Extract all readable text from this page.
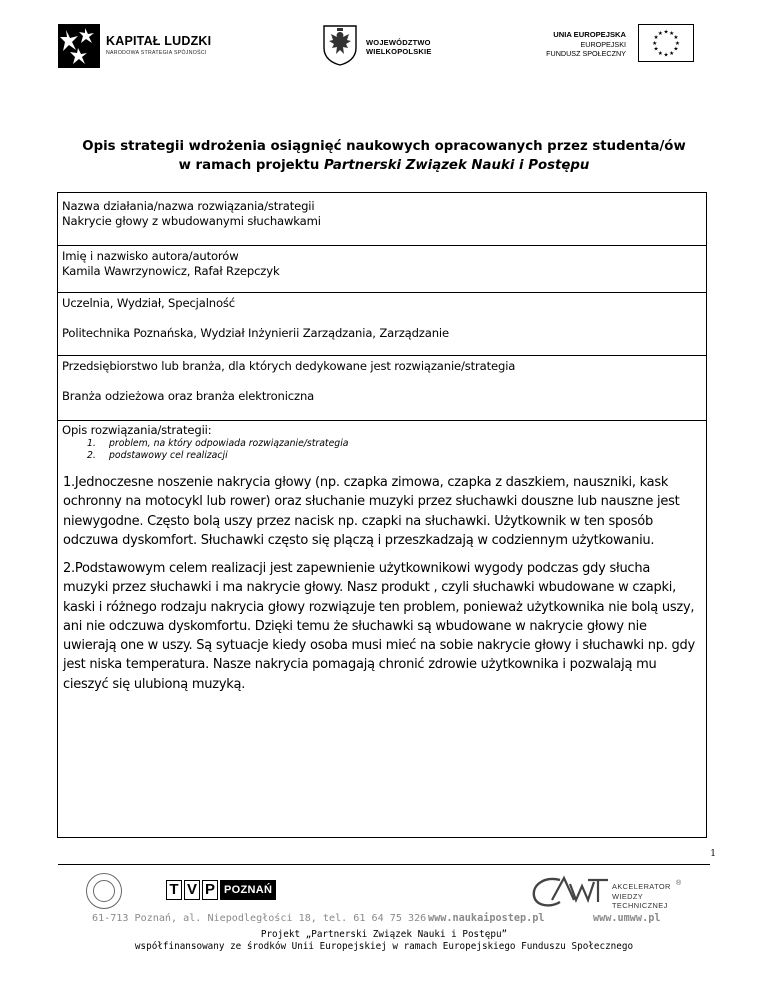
KAPITAŁ LUDZKI
NARODOWA STRATEGIA SPÓJNOŚCI
WOJEWÓDZTWO
WIELKOPOLSKIE
UNIA EUROPEJSKA
EUROPEJSKI
FUNDUSZ SPOŁECZNY
★ ★
★
★
★
★
★
★
★
★
★
★
Opis strategii wdrożenia osiągnięć naukowych opracowanych przez studenta/ów
w ramach projektu Partnerski Związek Nauki i Postępu
Nazwa działania/nazwa rozwiązania/strategii
Nakrycie głowy z wbudowanymi słuchawkami
Imię i nazwisko autora/autorów
Kamila Wawrzynowicz, Rafał Rzepczyk
Uczelnia, Wydział, Specjalność
Politechnika Poznańska, Wydział Inżynierii Zarządzania, Zarządzanie
Przedsiębiorstwo lub branża, dla których dedykowane jest rozwiązanie/strategia
Branża odzieżowa oraz branża elektroniczna
Opis rozwiązania/strategii:
1. problem, na który odpowiada rozwiązanie/strategia
2. podstawowy cel realizacji
1.Jednoczesne noszenie nakrycia głowy (np. czapka zimowa, czapka z daszkiem, nauszniki, kask
ochronny na motocykl lub rower) oraz słuchanie muzyki przez słuchawki douszne lub nauszne jest
niewygodne. Często bolą uszy przez nacisk np. czapki na słuchawki. Użytkownik w ten sposób
odczuwa dyskomfort. Słuchawki często się plączą i przeszkadzają w codziennym użytkowaniu.
2.Podstawowym celem realizacji jest zapewnienie użytkownikowi wygody podczas gdy słucha
muzyki przez słuchawki i ma nakrycie głowy. Nasz produkt , czyli słuchawki wbudowane w czapki,
kaski i różnego rodzaju nakrycia głowy rozwiązuje ten problem, ponieważ użytkownika nie bolą uszy,
ani nie odczuwa dyskomfortu. Dzięki temu że słuchawki są wbudowane w nakrycie głowy nie
uwierają one w uszy. Są sytuacje kiedy osoba musi mieć na sobie nakrycie głowy i słuchawki np. gdy
jest niska temperatura. Nasze nakrycia pomagają chronić zdrowie użytkownika i pozwalają mu
cieszyć się ulubioną muzyką.
1
T V P POZNAŃ	AKCELERATOR
WIEDZY
TECHNICZNEJ
®
61-713 Poznań, al. Niepodległości 18, tel. 61 64 75 326 www.naukaipostep.pl	www.umww.pl
Projekt „Partnerski Związek Nauki i Postępu”
współfinansowany ze środków Unii Europejskiej w ramach Europejskiego Funduszu Społecznego
